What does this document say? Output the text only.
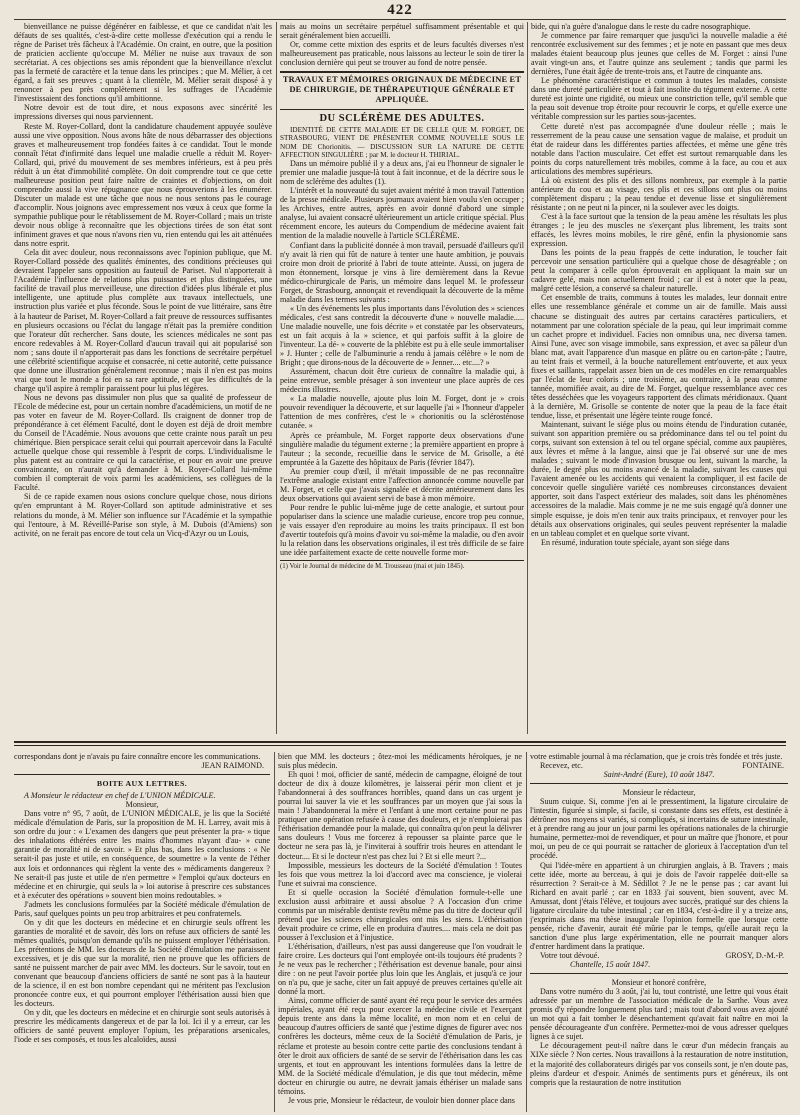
422

bienveillance ne puisse dégénérer en faiblesse, et que ce candidat n'ait les défauts de ses qualités, c'est-à-dire cette mollesse d'exécution qui a rendu le règne de Pariset très fâcheux à l'Académie. On craint, en outre, que la position de praticien accliente qu'occupe M. Mélier ne nuise aux travaux de son secrétariat. A ces objections ses amis répondent que la bienveillance n'exclut pas la fermeté de caractère et la tenue dans les principes ; que M. Mélier, à cet égard, a fait ses preuves ; quant à la clientèle, M. Mélier serait disposé à y renoncer à peu près complètement si les suffrages de l'Académie l'investissaient des fonctions qu'il ambitionne.

Notre devoir est de tout dire, et nous exposons avec sincérité les impressions diverses qui nous parviennent.

Reste M. Royer-Collard, dont la candidature chaudement appuyée soulève aussi une vive opposition. Nous avons hâte de nous débarrasser des objections graves et malheureusement trop fondées faites à ce candidat. Tout le monde connaît l'état d'infirmité dans lequel une maladie cruelle a réduit M. Royer-Collard, qui, privé du mouvement de ses membres inférieurs, est à peu près réduit à un état d'immobilité complète. On doit comprendre tout ce que cette malheureuse position peut faire naître de craintes et d'objections, on doit comprendre aussi la vive répugnance que nous éprouverions à les énumérer. Discuter un malade est une tâche que nous ne nous sentons pas le courage d'accomplir. Nous joignons avec empressement nos vœux à ceux que forme la sympathie publique pour le rétablissement de M. Royer-Collard ; mais un triste devoir nous oblige à reconnaître que les objections tirées de son état sont infiniment graves et que nous n'avons rien vu, rien entendu qui les ait atténuées dans notre esprit.

Cela dit avec douleur, nous reconnaissons avec l'opinion publique, que M. Royer-Collard possède des qualités éminentes, des conditions précieuses qui devraient l'appeler sans opposition au fauteuil de Pariset. Nul n'apporterait à l'Académie l'influence de relations plus puissantes et plus distinguées, une facilité de travail plus merveilleuse, une direction d'idées plus libérale et plus intelligente, une aptitude plus complète aux travaux intellectuels, une instruction plus variée et plus féconde. Sous le point de vue littéraire, sans être à la hauteur de Pariset, M. Royer-Collard a fait preuve de ressources suffisantes en plusieurs occasions ou l'éclat du langage n'était pas la première condition que l'orateur dût rechercher. Sans doute, les sciences médicales ne sont pas encore redevables à M. Royer-Collard d'aucun travail qui ait popularisé son nom ; sans doute il n'apporterait pas dans les fonctions de secrétaire perpétuel une célébrité scientifique acquise et consacrée, ni cette autorité, cette puissance que donne une illustration généralement reconnue ; mais il n'en est pas moins vrai que tout le monde a foi en sa rare aptitude, et que les difficultés de la charge qu'il aspire à remplir paraissent pour lui plus légères.

Nous ne devons pas dissimuler non plus que sa qualité de professeur de l'Ecole de médecine est, pour un certain nombre d'académiciens, un motif de ne pas voter en faveur de M. Royer-Collard. Ils craignent de donner trop de prépondérance à cet élément Faculté, dont le doyen est déjà de droit membre du Conseil de l'Académie. Nous avouons que cette crainte nous paraît un peu chimérique. Bien perspicace serait celui qui pourrait apercevoir dans la Faculté actuelle quelque chose qui ressemble à l'esprit de corps. L'individualisme le plus patent est au contraire ce qui la caractérise, et pour en avoir une preuve convaincante, on n'aurait qu'à demander à M. Royer-Collard lui-même combien il compterait de voix parmi les académiciens, ses collègues de la Faculté.

Si de ce rapide examen nous osions conclure quelque chose, nous dirions qu'en empruntant à M. Royer-Collard son aptitude administrative et ses relations du monde, à M. Mélier son influence sur l'Académie et la sympathie qui l'entoure, à M. Réveillé-Parise son style, à M. Dubois (d'Amiens) son activité, on ne ferait pas encore de tout cela un Vicq-d'Azyr ou un Louis,

mais au moins un secrétaire perpétuel suffisamment présentable et qui serait généralement bien accueilli.

Or, comme cette mixtion des esprits et de leurs facultés diverses n'est malheureusement pas praticable, nous laissons au lecteur le soin de tirer la conclusion dernière qui peut se trouver au fond de notre pensée.

TRAVAUX ET MÉMOIRES ORIGINAUX DE MÉDECINE ET DE CHIRURGIE, DE THÉRAPEUTIQUE GÉNÉRALE ET APPLIQUÉE.
DU SCLÉRÈME DES ADULTES.

IDENTITÉ DE CETTE MALADIE ET DE CELLE QUE M. FORGET, DE STRASBOURG, VIENT DE PRÉSENTER COMME NOUVELLE SOUS LE NOM DE Chorionitis. — DISCUSSION SUR LA NATURE DE CETTE AFFECTION SINGULIÈRE ; par M. le docteur H. THIRIAL.

Dans un mémoire publié il y a deux ans, j'ai eu l'honneur de signaler le premier une maladie jusque-là tout à fait inconnue, et de la décrire sous le nom de sclérème des adultes (1).

L'intérêt et la nouveauté du sujet avaient mérité à mon travail l'attention de la presse médicale. Plusieurs journaux avaient bien voulu s'en occuper ; les Archives, entre autres, après en avoir donné d'abord une simple analyse, lui avaient consacré ultérieurement un article critique spécial. Plus récemment encore, les auteurs du Compendium de médecine avaient fait mention de la maladie nouvelle à l'article SCLÉRÈME.

Confiant dans la publicité donnée à mon travail, persuadé d'ailleurs qu'il n'y avait là rien qui fût de nature à tenter une haute ambition, je pouvais croire mon droit de priorité à l'abri de toute atteinte. Aussi, on jugera de mon étonnement, lorsque je vins à lire dernièrement dans la Revue médico-chirurgicale de Paris, un mémoire dans lequel M. le professeur Forget, de Strasbourg, annonçait et revendiquait la découverte de la même maladie dans les termes suivants :

« Un des événements les plus importants dans l'évolution des » sciences médicales, c'est sans contredit la découverte d'une » nouvelle maladie..... Une maladie nouvelle, une fois décrite » et constatée par les observateurs, est un fait acquis à la » science, et qui parfois suffit à la gloire de l'inventeur. La dé- » couverte de la phlébite est pu à elle seule immortaliser » J. Hunter ; celle de l'albuminurie a rendu à jamais célèbre » le nom de Bright ; que dirons-nous de la découverte de » Jenner.... etc....? »

Assurément, chacun doit être curieux de connaître la maladie qui, à peine entrevue, semble présager à son inventeur une place auprès de ces médecins illustres.

« La maladie nouvelle, ajoute plus loin M. Forget, dont je » crois pouvoir revendiquer la découverte, et sur laquelle j'ai » l'honneur d'appeler l'attention de mes confrères, c'est le » chorionitis ou la sclérosténose cutanée. »

Après ce préambule, M. Forget rapporte deux observations d'une singulière maladie du tégument externe ; la première appartient en propre à l'auteur ; la seconde, recueillie dans le service de M. Grisolle, a été empruntée à la Gazette des hôpitaux de Paris (février 1847).

Au premier coup d'œil, il m'était impossible de ne pas reconnaître l'extrême analogie existant entre l'affection annoncée comme nouvelle par M. Forget, et celle que j'avais signalée et décrite antérieurement dans les deux observations qui avaient servi de base à mon mémoire.

Pour rendre le public lui-même juge de cette analogie, et surtout pour populariser dans la science une maladie curieuse, encore trop peu connue, je vais essayer d'en reproduire au moins les traits principaux. Il est bon d'avertir toutefois qu'à moins d'avoir vu soi-même la maladie, ou d'en avoir lu la relation dans les observations originales, il est très difficile de se faire une idée parfaitement exacte de cette nouvelle forme mor-

(1) Voir le Journal de médecine de M. Trousseau (mai et juin 1845).

bide, qui n'a guère d'analogue dans le reste du cadre nosographique.

Je commence par faire remarquer que jusqu'ici la nouvelle maladie a été rencontrée exclusivement sur des femmes ; et je note en passant que mes deux malades étaient beaucoup plus jeunes que celles de M. Forget : ainsi l'une avait vingt-un ans, et l'autre quinze ans seulement ; tandis que parmi les dernières, l'une était âgée de trente-trois ans, et l'autre de cinquante ans.

Le phénomène caractéristique et commun à toutes les malades, consiste dans une dureté particulière et tout à fait insolite du tégument externe. A cette dureté est jointe une rigidité, ou mieux une constriction telle, qu'il semble que la peau soit devenue trop étroite pour recouvrir le corps, et qu'elle exerce une véritable compression sur les parties sous-jacentes.

Cette dureté n'est pas accompagnée d'une douleur réelle ; mais le resserrement de la peau cause une sensation vague de malaise, et produit un état de raideur dans les différentes parties affectées, et même une gêne très notable dans l'action musculaire. Cet effet est surtout remarquable dans les points du corps naturellement très mobiles, comme à la face, au cou et aux articulations des membres supérieurs.

Là où existent des plis et des sillons nombreux, par exemple à la partie antérieure du cou et au visage, ces plis et ces sillons ont plus ou moins complètement disparu ; la peau tendue et devenue lisse et singulièrement résistante ; on ne peut ni la pincer, ni la soulever avec les doigts.

C'est à la face surtout que la tension de la peau amène les résultats les plus étranges ; le jeu des muscles ne s'exerçant plus librement, les traits sont effacés, les lèvres moins mobiles, le rire gêné, enfin la physionomie sans expression.

Dans les points de la peau frappés de cette induration, le toucher fait percevoir une sensation particulière qui a quelque chose de désagréable ; on peut la comparer à celle qu'on éprouverait en appliquant la main sur un cadavre gelé, mais non actuellement froid ; car il est à noter que la peau, malgré cette lésion, a conservé sa chaleur naturelle.

Cet ensemble de traits, communs à toutes les malades, leur donnait entre elles une ressemblance générale et comme un air de famille. Mais aussi chacune se distinguait des autres par certains caractères particuliers, et notamment par une coloration spéciale de la peau, qui leur imprimait comme un cachet propre et individuel. Facies non omnibus una, nec diversa tamen. Ainsi l'une, avec son visage immobile, sans expression, et avec sa pâleur d'un blanc mat, avait l'apparence d'un masque en plâtre ou en carton-pâte ; l'autre, au teint frais et vermeil, à la bouche naturellement entr'ouverte, et aux yeux fixes et saillants, rappelait assez bien un de ces modèles en cire remarquables par l'éclat de leur coloris ; une troisième, au contraire, à la peau comme tannée, momifiée avait, au dire de M. Forget, quelque ressemblance avec ces têtes desséchées que les voyageurs rapportent des climats méridionaux. Quant à la dernière, M. Grisolle se contente de noter que la peau de la face était tendue, lisse, et présentait une légère teinte rouge foncé.

Maintenant, suivant le siége plus ou moins étendu de l'induration cutanée, suivant son apparition première ou sa prédominance dans tel ou tel point du corps, suivant son extension à tel ou tel organe spécial, comme aux paupières, aux lèvres et même à la langue, ainsi que je l'ai observé sur une de mes malades ; suivant le mode d'invasion brusque ou lent, suivant la marche, la durée, le degré plus ou moins avancé de la maladie, suivant les causes qui l'avaient amenée ou les accidents qui venaient la compliquer, il est facile de concevoir quelle singulière variété ces nombreuses circonstances devaient apporter, soit dans l'aspect extérieur des malades, soit dans les phénomènes accessoires de la maladie. Mais comme je ne me suis engagé qu'à donner une simple esquisse, je dois m'en tenir aux traits principaux, et renvoyer pour les détails aux observations originales, qui seules peuvent représenter la maladie en un tableau complet et en quelque sorte vivant.

En résumé, induration toute spéciale, ayant son siége dans

correspondans dont je n'avais pu faire connaître encore les communications.

JEAN RAIMOND.
BOITE AUX LETTRES.

A Monsieur le rédacteur en chef de L'UNION MÉDICALE.

Monsieur,

Dans votre n° 95, 7 août, de L'UNION MÉDICALE, je lis que la Société médicale d'émulation de Paris, sur la proposition de M. H. Larrey, avait mis à son ordre du jour : « L'examen des dangers que peut présenter la pra- » tique des inhalations éthérées entre les mains d'hommes n'ayant d'au- » cune garantie de moralité ni de savoir. » Et plus bas, dans les conclusions : « Ne serait-il pas juste et utile, en conséquence, de soumettre » la vente de l'éther aux lois et ordonnances qui règlent la vente des » médicaments dangereux ? Ne serait-il pas juste et utile de n'en permettre » l'emploi qu'aux docteurs en médecine et en chirurgie, qui seuls la » loi autorise à prescrire ces substances et à exécuter des opérations » souvent bien moins redoutables. »

J'admets les conclusions formulées par la Société médicale d'émulation de Paris, sauf quelques points un peu trop arbitraires et peu confraternels.

On y dit que les docteurs en médecine et en chirurgie seuls offrent les garanties de moralité et de savoir, dès lors on refuse aux officiers de santé les mêmes qualités, puisqu'on demande qu'ils ne puissent employer l'éthérisation. Les prétentions de MM. les docteurs de la Société d'émulation me paraissent excessives, et je dis que sur la moralité, rien ne prouve que les officiers de santé ne puissent marcher de pair avec MM. les docteurs. Sur le savoir, tout en convenant que beaucoup d'anciens officiers de santé ne sont pas à la hauteur de la science, il en est bon nombre cependant qui ne méritent pas l'exclusion prononcée contre eux, et qui pourront employer l'éthérisation aussi bien que les docteurs.

On y dit, que les docteurs en médecine et en chirurgie sont seuls autorisés à prescrire les médicaments dangereux et de par la loi. Ici il y a erreur, car les officiers de santé peuvent employer l'opium, les préparations arsenicales, l'iode et ses composés, et tous les alcaloïdes, aussi

bien que MM. les docteurs ; ôtez-moi les médicaments héroïques, je ne suis plus médecin.

Eh quoi ! moi, officier de santé, médecin de campagne, éloigné de tout docteur de dix à douze kilomètres, je laisserai périr mon client et je l'abandonnerai à des souffrances horribles, quand dans un cas urgent je pourrai lui sauver la vie et les souffrances par un moyen que j'ai sous la main ! J'abandonnerai la mère et l'enfant à une mort certaine pour ne pas pratiquer une opération refusée à cause des douleurs, et je n'emploierai pas l'éthérisation demandée pour la malade, qui connaîtra qu'on peut la délivrer sans douleurs ! Vous me forcerez à repousser sa plainte parce que le docteur ne sera pas là, je l'inviterai à souffrir trois heures en attendant le docteur.... Et si le docteur n'est pas chez lui ? Et si elle meurt ?...

Impossible, messieurs les docteurs de la Société d'émulation ! Toutes les fois que vous mettrez la loi d'accord avec ma conscience, je violerai l'une et suivrai ma conscience.

Et si quelle occasion la Société d'émulation formule-t-elle une exclusion aussi arbitraire et aussi absolue ? A l'occasion d'un crime commis par un misérable dentiste revêtu même pas du titre de docteur qu'il prétend que les sciences chirurgicales ont mis les siens. L'éthérisation devait produire ce crime, elle en produira d'autres.... mais cela ne doit pas pousser à l'exclusion et à l'injustice.

L'éthérisation, d'ailleurs, n'est pas aussi dangereuse que l'on voudrait le faire croire. Les docteurs qui l'ont employée ont-ils toujours été prudents ? Je ne veux pas le rechercher ; l'éthérisation est devenue banale, pour ainsi dire : on ne peut l'avoir portée plus loin que les Anglais, et jusqu'à ce jour on n'a pu, que je sache, citer un fait appuyé de preuves certaines qu'elle ait donné la mort.

Ainsi, comme officier de santé ayant été reçu pour le service des armées impériales, ayant été reçu pour exercer la médecine civile et l'exerçant depuis trente ans dans la même localité, en mon nom et en celui de beaucoup d'autres officiers de santé que j'estime dignes de figurer avec nos confrères les docteurs, même ceux de la Société d'émulation de Paris, je réclame et proteste au besoin contre cette partie des conclusions tendant à ôter le droit aux officiers de santé de se servir de l'éthérisation dans les cas urgents, et tout en approuvant les intentions formulées dans la lettre de MM. de la Société médicale d'émulation, je dis que tout médecin, même docteur en chirurgie ou autre, ne devrait jamais éthériser un malade sans témoins.

Je vous prie, Monsieur le rédacteur, de vouloir bien donner place dans

votre estimable journal à ma réclamation, que je crois très fondée et très juste.

Recevez, etc.	FONTAINE.

Saint-André (Eure), 10 août 1847.

Monsieur le rédacteur,

Suum cuique. Si, comme j'en ai le pressentiment, la ligature circulaire de l'intestin, figurée si simple, si facile, si constante dans ses effets, est destinée à détrôner nos moyens si variés, si compliqués, si incertains de suture intestinale, et à prendre rang au jour un jour parmi les opérations nationales de la chirurgie humaine, permettez-moi de revendiquer, et pour un maître que j'honore, et pour moi, un peu de ce qui pourrait se rattacher de glorieux à l'acceptation d'un tel procédé.

Qui l'idée-mère en appartient à un chirurgien anglais, à B. Travers ; mais cette idée, morte au berceau, à qui je dois de l'avoir rappelée doit-elle sa résurrection ? Serait-ce à M. Sédillot ? Je ne le pense pas ; car avant lui Richard en avait parlé ; car en 1833 j'ai souvent, bien souvent, avec M. Amussat, dont j'étais l'élève, et toujours avec succès, pratiqué sur des chiens la ligature circulaire du tube intestinal ; car en 1834, c'est-à-dire il y a treize ans, j'exprimais dans ma thèse inaugurale l'opinion formelle que lorsque cette pensée, riche d'avenir, aurait été mûrie par le temps, qu'elle aurait reçu la sanction d'une plus large expérimentation, elle ne pourrait manquer alors d'entrer hardiment dans la pratique.

Votre tout dévoué.	GROSY, D.-M.-P.

Chantelle, 15 août 1847.

Monsieur et honoré confrère,

Dans votre numéro du 3 août, j'ai lu, tout contristé, une lettre qui vous était adressée par un membre de l'association médicale de la Sarthe. Vous avez promis d'y répondre longuement plus tard ; mais tout d'abord vous avez ajouté un mot qui a fait tomber le désenchantement qu'avait fait naître en moi la pensée décourageante d'un confrère. Permettez-moi de vous adresser quelques lignes à ce sujet.

Le découragement peut-il naître dans le cœur d'un médecin français au XIXe siècle ? Non certes. Nous travaillons à la restauration de notre institution, et la majorité des collaborateurs dirigés par vos conseils sont, je n'en doute pas, pleins d'ardeur et d'espoir. Animés de sentiments purs et généreux, ils ont compris que la restauration de notre institution
